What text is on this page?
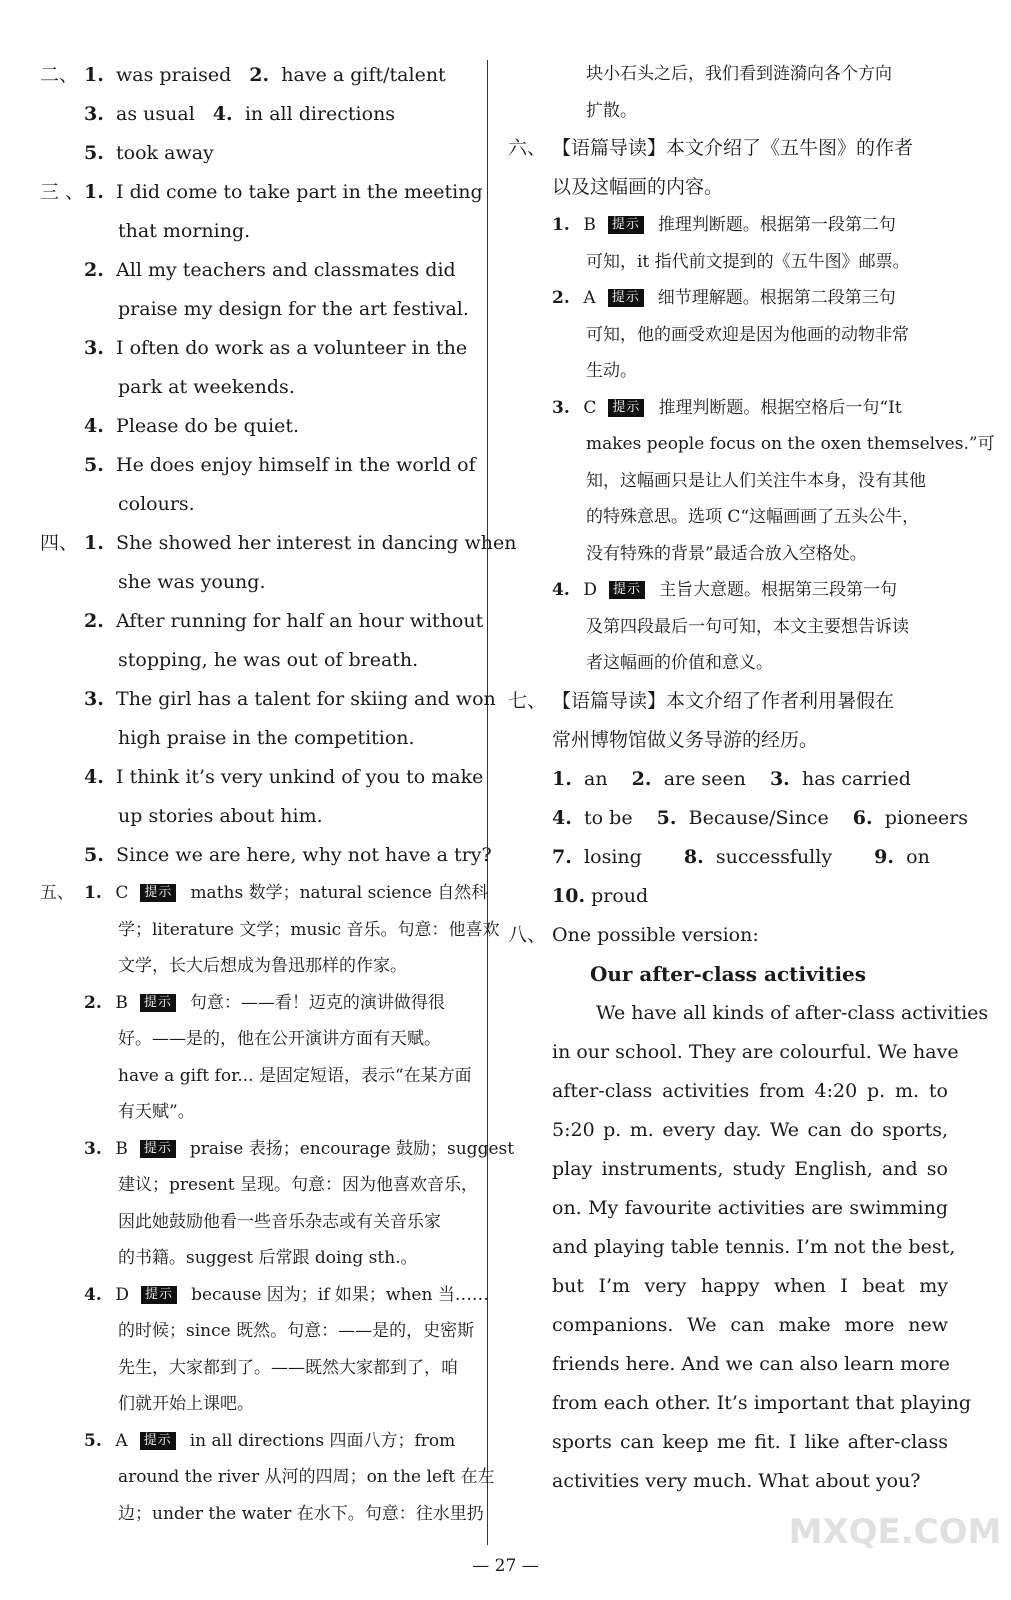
二、 1. was praised 2. have a gift/talent
3. as usual 4. in all directions
5. took away
三、1. I did come to take part in the meeting
that morning.
2. All my teachers and classmates did
praise my design for the art festival.
3. I often do work as a volunteer in the
park at weekends.
4. Please do be quiet.
5. He does enjoy himself in the world of
colours.
四、 1. She showed her interest in dancing when
she was young.
2. After running for half an hour without
stopping, he was out of breath.
3. The girl has a talent for skiing and won
high praise in the competition.
4. I think it’s very unkind of you to make
up stories about him.
5. Since we are here, why not have a try?
五、 1. C 提示 maths 数学；natural science 自然科
学；literature 文学；music 音乐。句意：他喜欢
文学，长大后想成为鲁迅那样的作家。
2. B 提示 句意：——看！迈克的演讲做得很
好。——是的，他在公开演讲方面有天赋。
have a gift for... 是固定短语，表示“在某方面
有天赋”。
3. B 提示 praise 表扬；encourage 鼓励；suggest
建议；present 呈现。句意：因为他喜欢音乐，
因此她鼓励他看一些音乐杂志或有关音乐家
的书籍。suggest 后常跟 doing sth.。
4. D 提示 because 因为；if 如果；when 当……
的时候；since 既然。句意：——是的，史密斯
先生，大家都到了。——既然大家都到了，咱
们就开始上课吧。
5. A 提示 in all directions 四面八方；from
around the river 从河的四周；on the left 在左
边；under the water 在水下。句意：往水里扔
块小石头之后，我们看到涟漪向各个方向
扩散。
六、 【语篇导读】本文介绍了《五牛图》的作者
以及这幅画的内容。
1. B 提示 推理判断题。根据第一段第二句
可知，it 指代前文提到的《五牛图》邮票。
2. A 提示 细节理解题。根据第二段第三句
可知，他的画受欢迎是因为他画的动物非常
生动。
3. C 提示 推理判断题。根据空格后一句“It
makes people focus on the oxen themselves.”可
知，这幅画只是让人们关注牛本身，没有其他
的特殊意思。选项 C“这幅画画了五头公牛，
没有特殊的背景”最适合放入空格处。
4. D 提示 主旨大意题。根据第三段第一句
及第四段最后一句可知，本文主要想告诉读
者这幅画的价值和意义。
七、 【语篇导读】本文介绍了作者利用暑假在
常州博物馆做义务导游的经历。
1. an 2. are seen 3. has carried
4. to be 5. Because/Since 6. pioneers
7. losing 8. successfully 9. on
10. proud
八、 One possible version:
Our after-class activities
We have all kinds of after-class activities
in our school. They are colourful. We have
after-class activities from 4:20 p. m. to
5:20 p. m. every day. We can do sports,
play instruments, study English, and so
on. My favourite activities are swimming
and playing table tennis. I’m not the best,
but I’m very happy when I beat my
companions. We can make more new
friends here. And we can also learn more
from each other. It’s important that playing
sports can keep me fit. I like after-class
activities very much. What about you?
— 27 —
MXQE.COM
